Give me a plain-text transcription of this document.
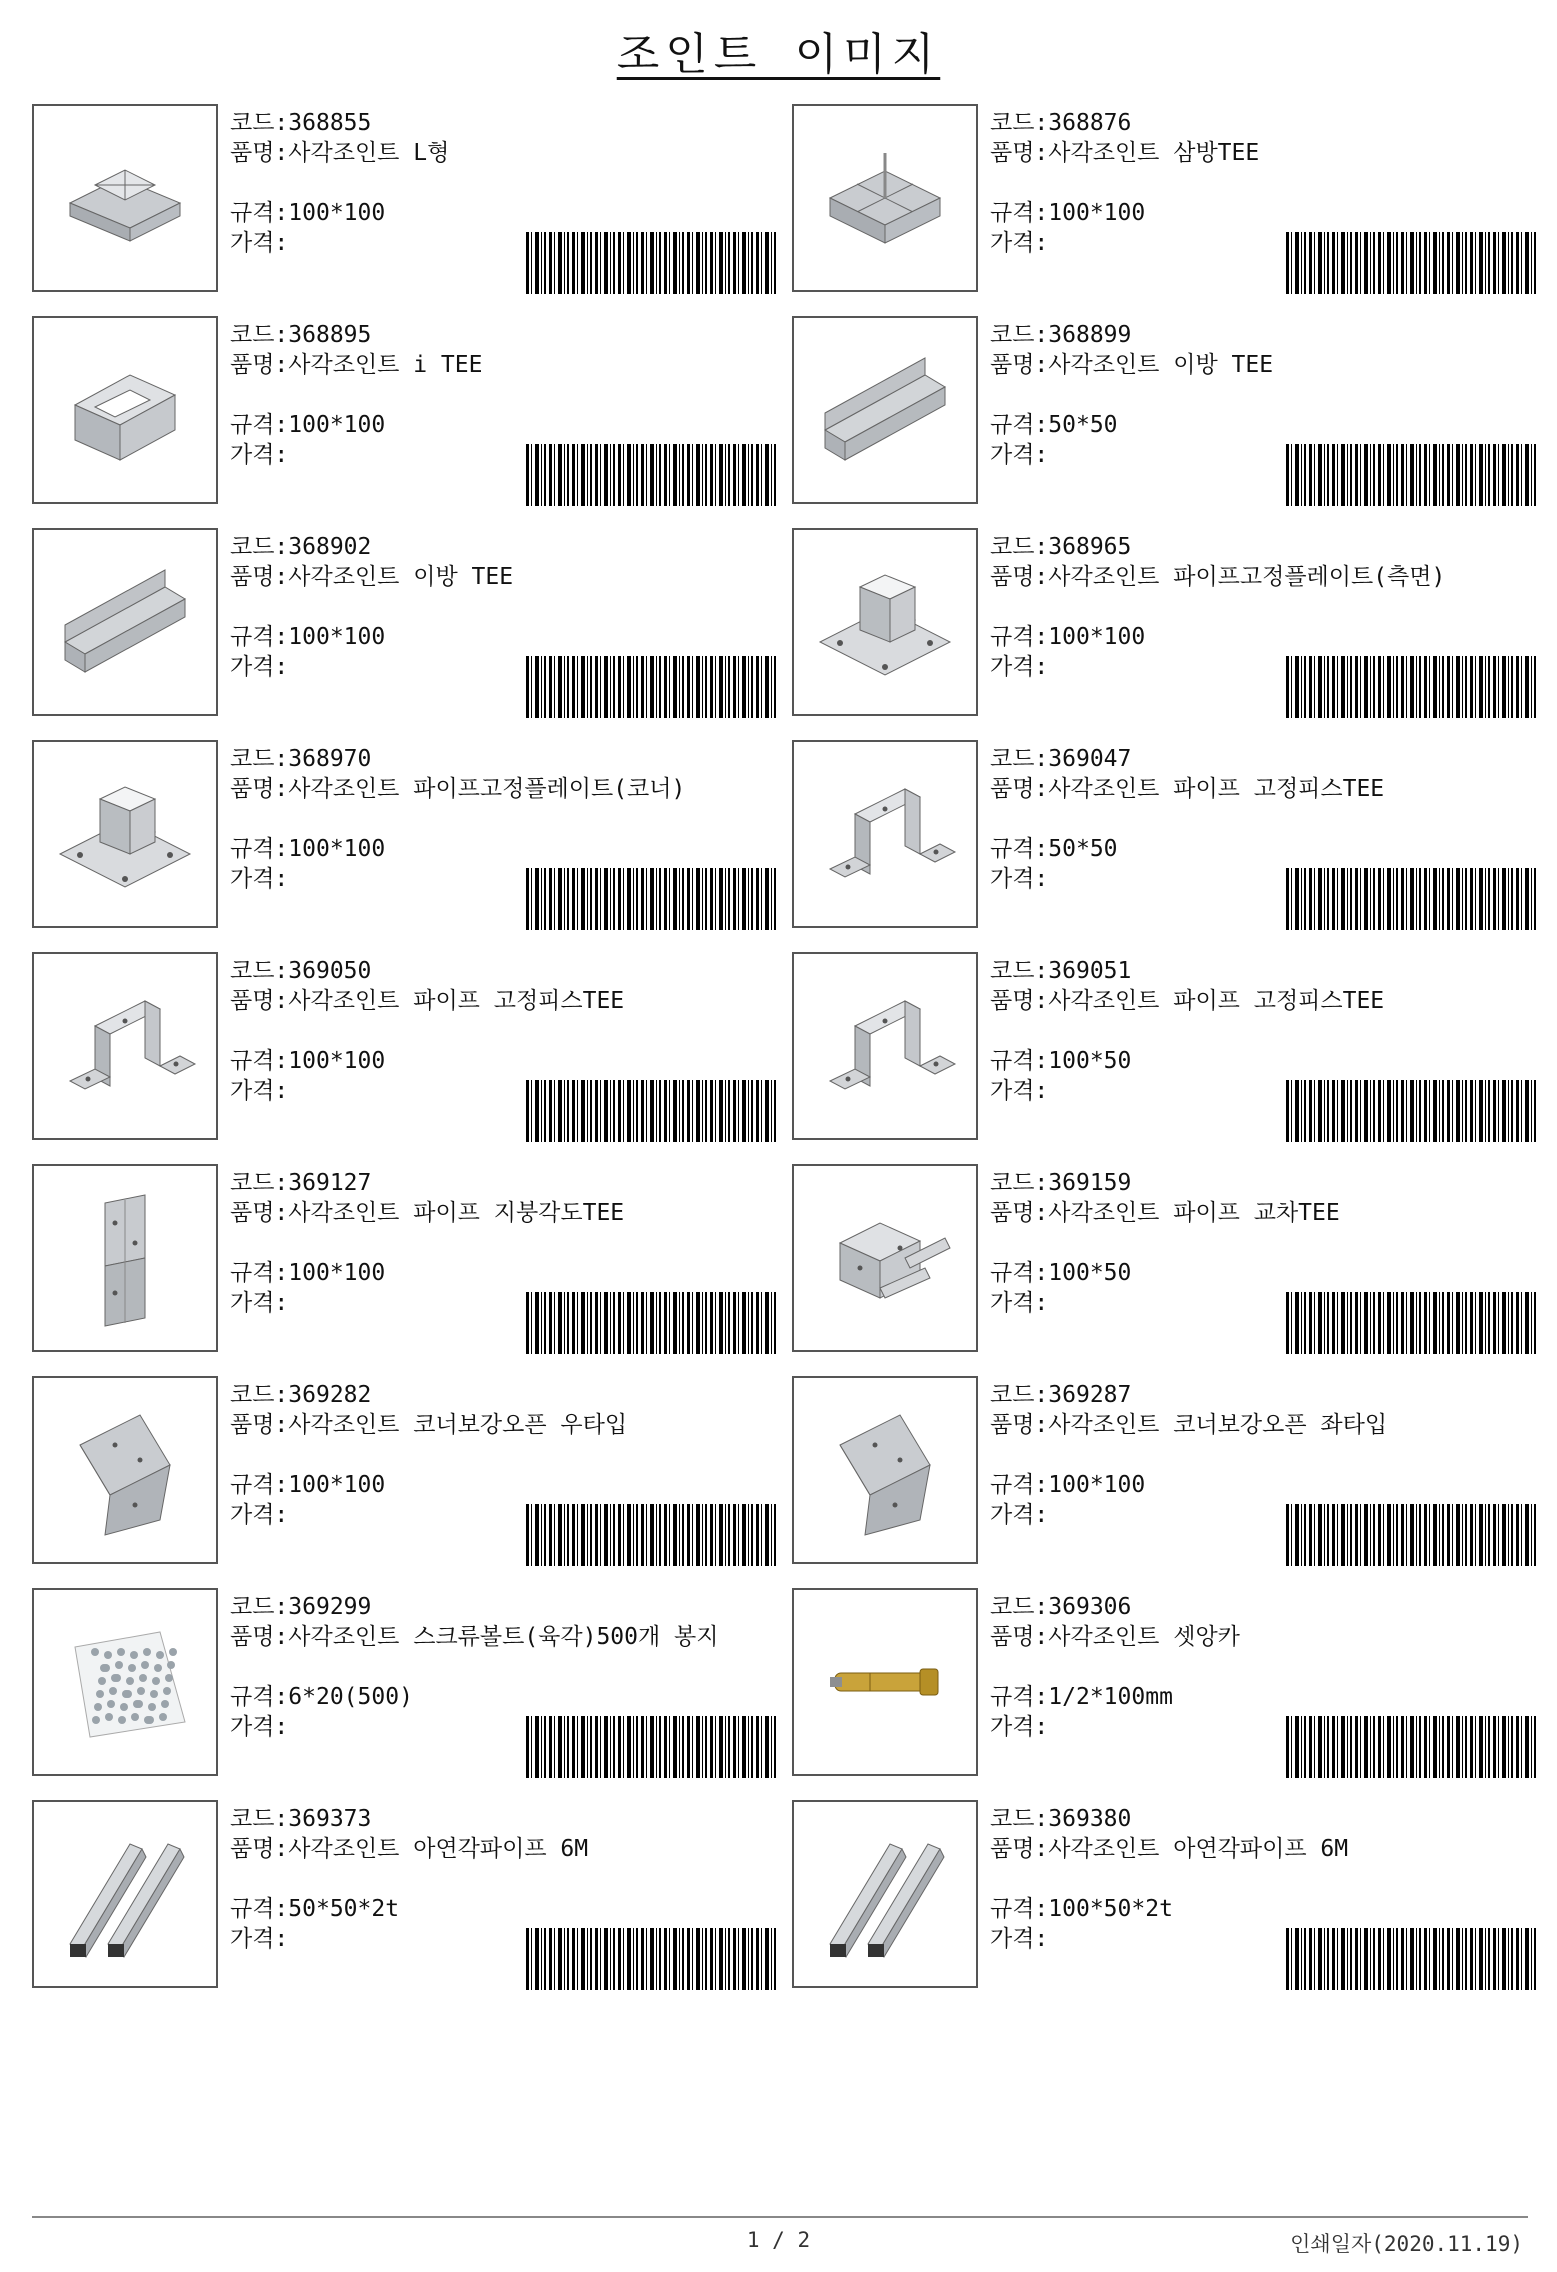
조인트 이미지
코드: 368855
품명: 사각조인트 L형
규격: 100*100
가격:
코드: 368876
품명: 사각조인트 삼방TEE
규격: 100*100
가격:
코드: 368895
품명: 사각조인트 i TEE
규격: 100*100
가격:
코드: 368899
품명: 사각조인트 이방 TEE
규격: 50*50
가격:
코드: 368902
품명: 사각조인트 이방 TEE
규격: 100*100
가격:
코드: 368965
품명: 사각조인트 파이프고정플레이트(측면)
규격: 100*100
가격:
코드: 368970
품명: 사각조인트 파이프고정플레이트(코너)
규격: 100*100
가격:
코드: 369047
품명: 사각조인트 파이프 고정피스TEE
규격: 50*50
가격:
코드: 369050
품명: 사각조인트 파이프 고정피스TEE
규격: 100*100
가격:
코드: 369051
품명: 사각조인트 파이프 고정피스TEE
규격: 100*50
가격:
코드: 369127
품명: 사각조인트 파이프 지붕각도TEE
규격: 100*100
가격:
코드: 369159
품명: 사각조인트 파이프 교차TEE
규격: 100*50
가격:
코드: 369282
품명: 사각조인트 코너보강오픈 우타입
규격: 100*100
가격:
코드: 369287
품명: 사각조인트 코너보강오픈 좌타입
규격: 100*100
가격:
코드: 369299
품명: 사각조인트 스크류볼트(육각)500개 봉지
규격: 6*20(500)
가격:
코드: 369306
품명: 사각조인트 셋앙카
규격: 1/2*100mm
가격:
코드: 369373
품명: 사각조인트 아연각파이프 6M
규격: 50*50*2t
가격:
코드: 369380
품명: 사각조인트 아연각파이프 6M
규격: 100*50*2t
가격:
1 / 2	인쇄일자(2020.11.19)
